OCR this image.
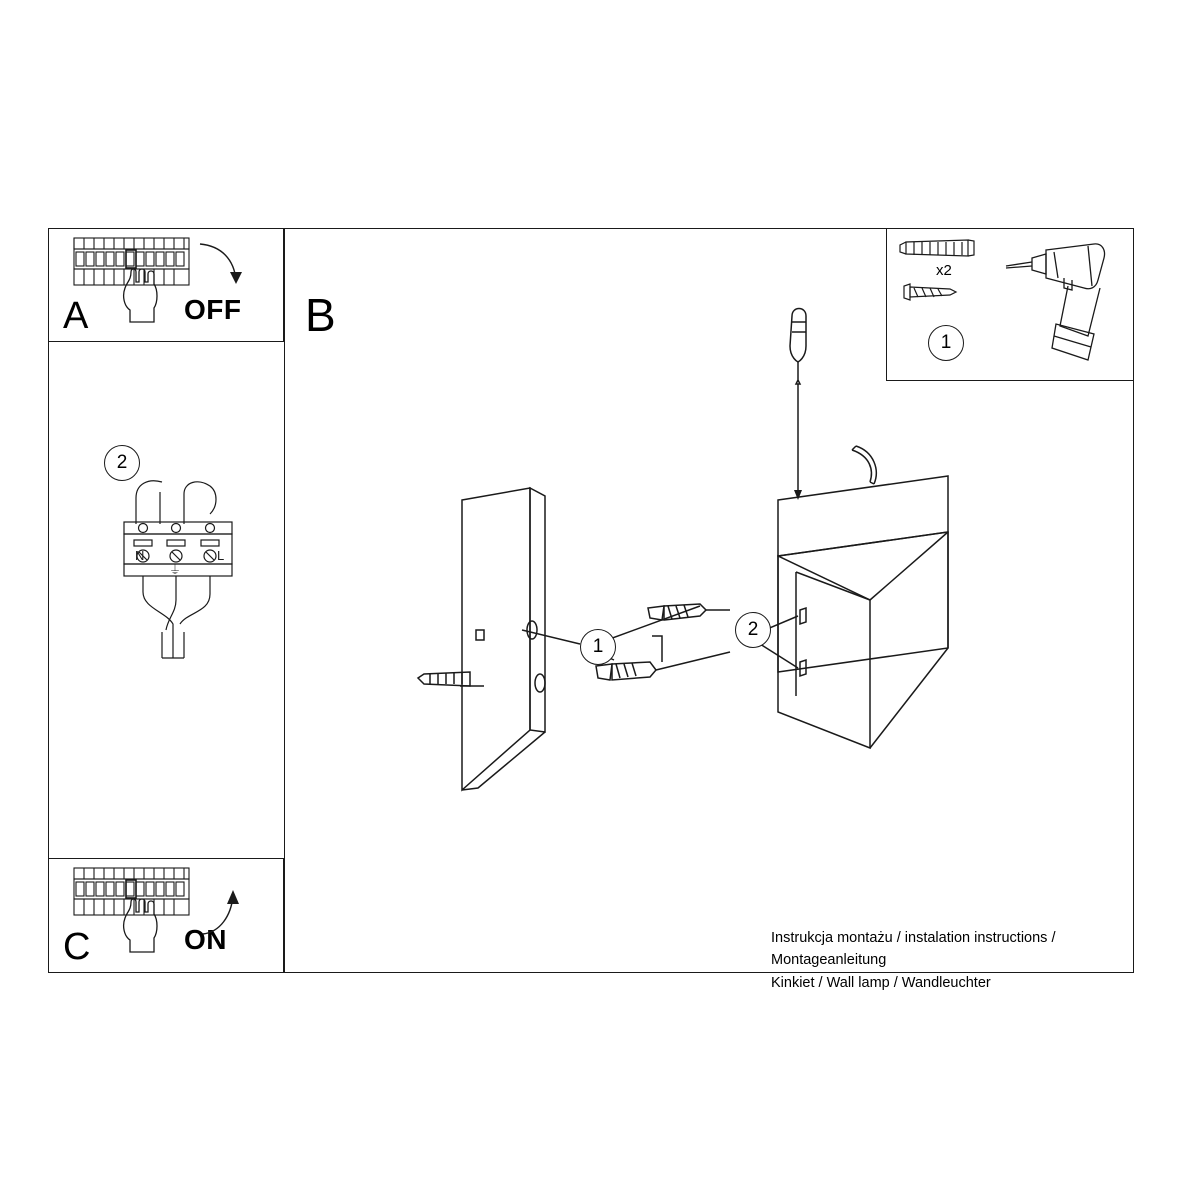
A	OFF B
2
N	L
⏚
C	ON
1
x2
1
2
Instrukcja montażu / instalation instructions / Montageanleitung
Kinkiet / Wall lamp / Wandleuchter
